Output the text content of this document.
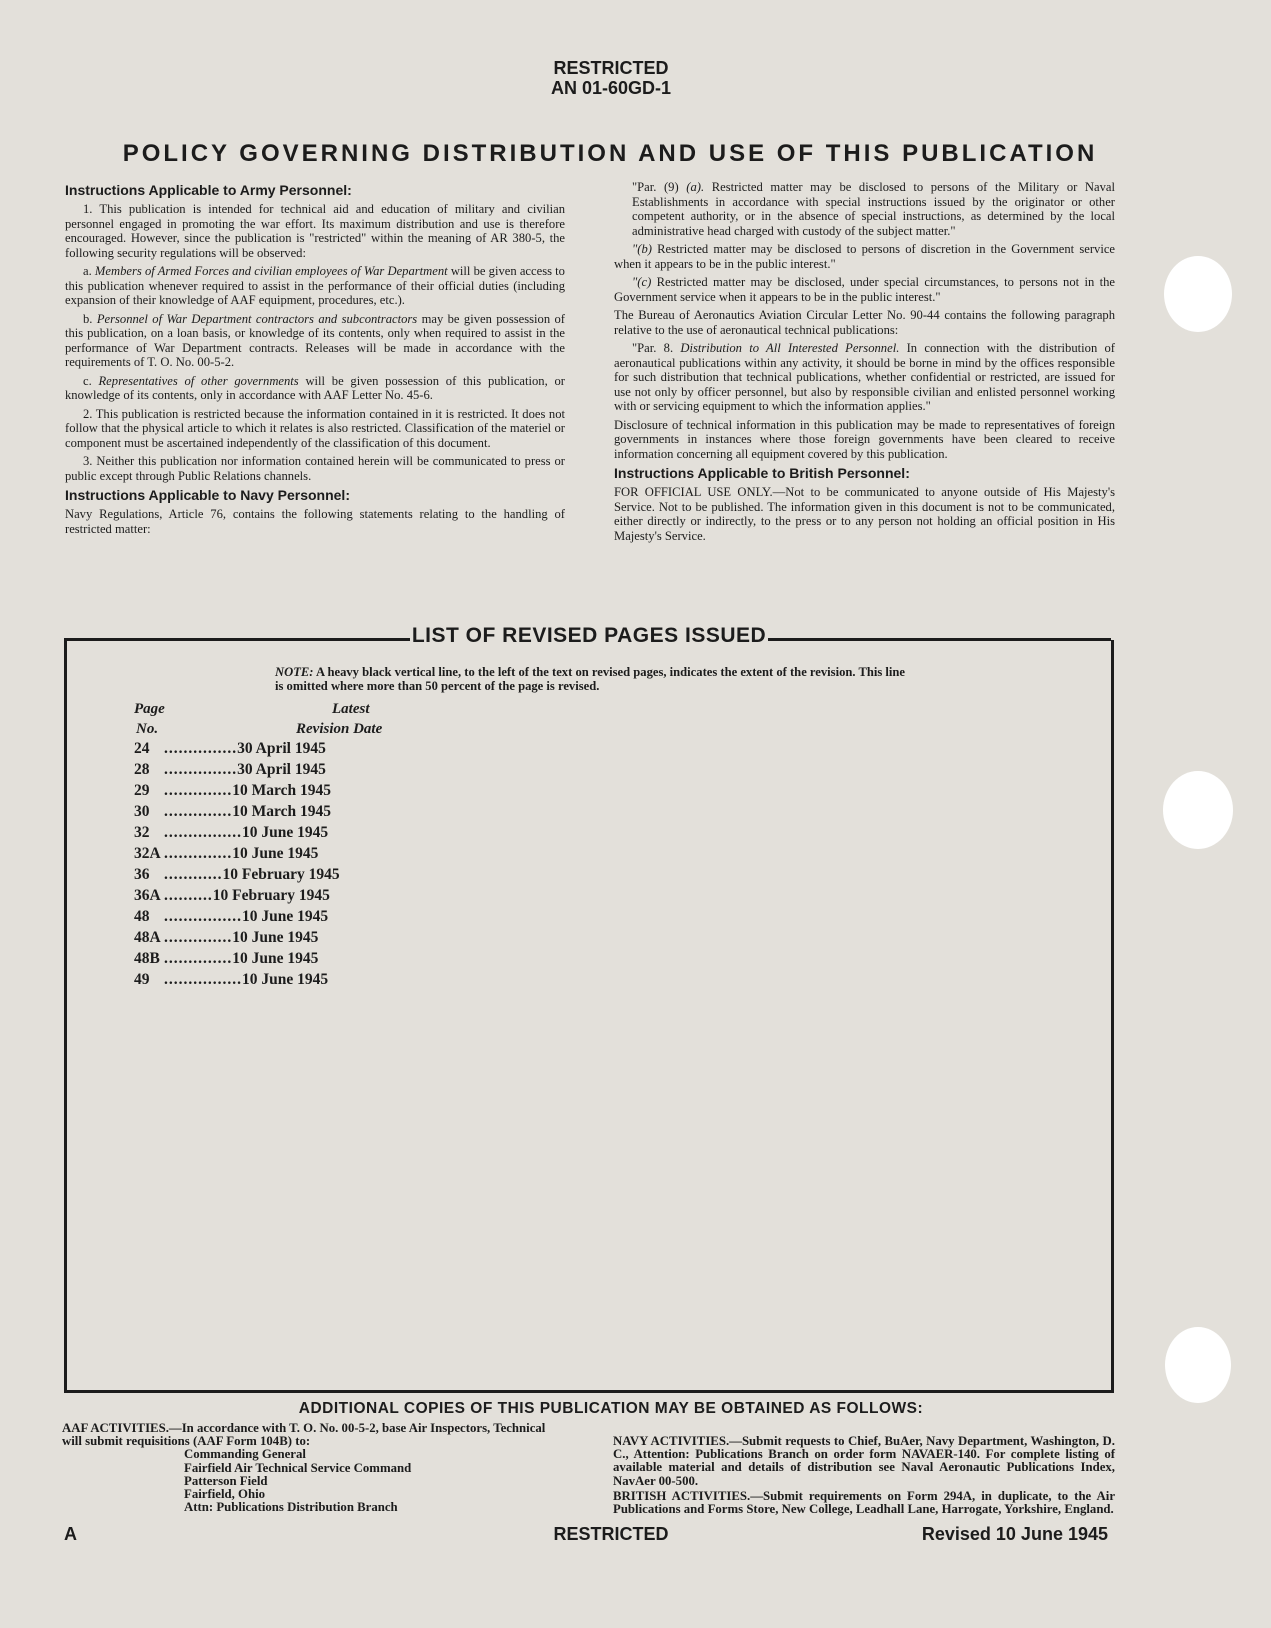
RESTRICTED
AN 01-60GD-1
POLICY GOVERNING DISTRIBUTION AND USE OF THIS PUBLICATION
Instructions Applicable to Army Personnel:

1. This publication is intended for technical aid and education of military and civilian personnel engaged in promoting the war effort. Its maximum distribution and use is therefore encouraged. However, since the publication is "restricted" within the meaning of AR 380-5, the following security regulations will be observed:

a. Members of Armed Forces and civilian employees of War Department will be given access to this publication whenever required to assist in the performance of their official duties (including expansion of their knowledge of AAF equipment, procedures, etc.).

b. Personnel of War Department contractors and subcontractors may be given possession of this publication, on a loan basis, or knowledge of its contents, only when required to assist in the performance of War Department contracts. Releases will be made in accordance with the requirements of T. O. No. 00-5-2.

c. Representatives of other governments will be given possession of this publication, or knowledge of its contents, only in accordance with AAF Letter No. 45-6.

2. This publication is restricted because the information contained in it is restricted. It does not follow that the physical article to which it relates is also restricted. Classification of the materiel or component must be ascertained independently of the classification of this document.

3. Neither this publication nor information contained herein will be communicated to press or public except through Public Relations channels.

Instructions Applicable to Navy Personnel:

Navy Regulations, Article 76, contains the following statements relating to the handling of restricted matter:

"Par. (9) (a). Restricted matter may be disclosed to persons of the Military or Naval Establishments in accordance with special instructions issued by the originator or other competent authority, or in the absence of special instructions, as determined by the local administrative head charged with custody of the subject matter."

"(b) Restricted matter may be disclosed to persons of discretion in the Government service when it appears to be in the public interest."

"(c) Restricted matter may be disclosed, under special circumstances, to persons not in the Government service when it appears to be in the public interest."

The Bureau of Aeronautics Aviation Circular Letter No. 90-44 contains the following paragraph relative to the use of aeronautical technical publications:

"Par. 8. Distribution to All Interested Personnel. In connection with the distribution of aeronautical publications within any activity, it should be borne in mind by the offices responsible for such distribution that technical publications, whether confidential or restricted, are issued for use not only by officer personnel, but also by responsible civilian and enlisted personnel working with or servicing equipment to which the information applies."

Disclosure of technical information in this publication may be made to representatives of foreign governments in instances where those foreign governments have been cleared to receive information concerning all equipment covered by this publication.

Instructions Applicable to British Personnel:

FOR OFFICIAL USE ONLY.—Not to be communicated to anyone outside of His Majesty's Service. Not to be published. The information given in this document is not to be communicated, either directly or indirectly, to the press or to any person not holding an official position in His Majesty's Service.

LIST OF REVISED PAGES ISSUED
NOTE: A heavy black vertical line, to the left of the text on revised pages, indicates the extent of the revision. This line is omitted where more than 50 percent of the page is revised.
Page
No.
Latest
Revision Date
24 ...............30 April 1945
28 ...............30 April 1945
29 ..............10 March 1945
30 ..............10 March 1945
32 ................10 June 1945
32A ..............10 June 1945
36 ............10 February 1945
36A ..........10 February 1945
48 ................10 June 1945
48A ..............10 June 1945
48B ..............10 June 1945
49 ................10 June 1945
ADDITIONAL COPIES OF THIS PUBLICATION MAY BE OBTAINED AS FOLLOWS:
AAF ACTIVITIES.—In accordance with T. O. No. 00-5-2, base Air Inspectors, Technical will submit requisitions (AAF Form 104B) to:
Commanding General
Fairfield Air Technical Service Command
Patterson Field
Fairfield, Ohio
Attn: Publications Distribution Branch

NAVY ACTIVITIES.—Submit requests to Chief, BuAer, Navy Department, Washington, D. C., Attention: Publications Branch on order form NAVAER-140. For complete listing of available material and details of distribution see Naval Aeronautic Publications Index, NavAer 00-500.

BRITISH ACTIVITIES.—Submit requirements on Form 294A, in duplicate, to the Air Publications and Forms Store, New College, Leadhall Lane, Harrogate, Yorkshire, England.

A	RESTRICTED	Revised 10 June 1945
